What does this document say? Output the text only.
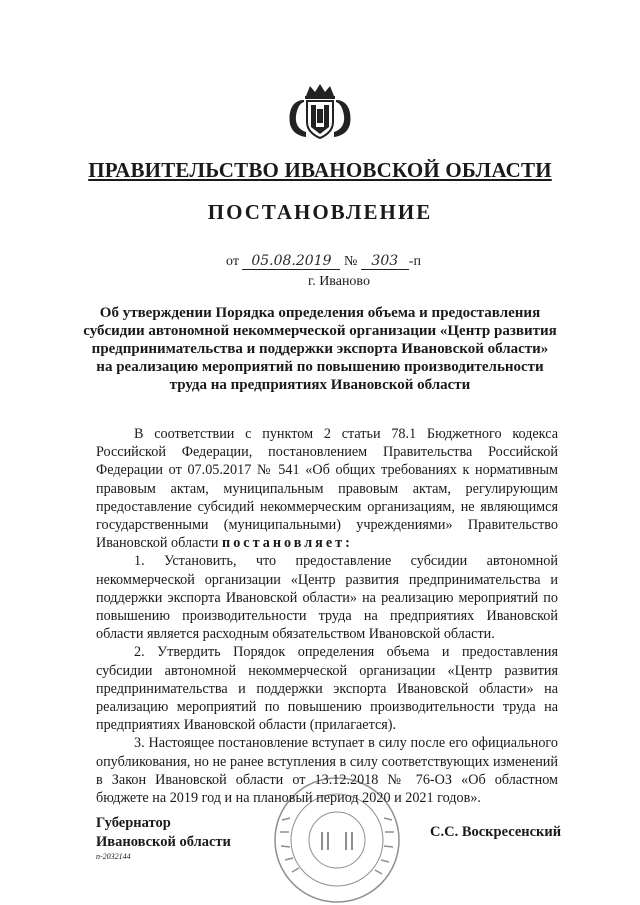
ПРАВИТЕЛЬСТВО ИВАНОВСКОЙ ОБЛАСТИ
ПОСТАНОВЛЕНИЕ
от 05.08.2019 № 303 -п
г. Иваново
Об утверждении Порядка определения объема и предоставления
субсидии автономной некоммерческой организации «Центр развития
предпринимательства и поддержки экспорта Ивановской области»
на реализацию мероприятий по повышению производительности
труда на предприятиях Ивановской области

В соответствии с пунктом 2 статьи 78.1 Бюджетного кодекса Российской Федерации, постановлением Правительства Российской Федерации от 07.05.2017 № 541 «Об общих требованиях к нормативным правовым актам, муниципальным правовым актам, регулирующим предоставление субсидий некоммерческим организациям, не являющимся государственными (муниципальными) учреждениями» Правительство Ивановской области постановляет:

1. Установить, что предоставление субсидии автономной некоммерческой организации «Центр развития предпринимательства и поддержки экспорта Ивановской области» на реализацию мероприятий по повышению производительности труда на предприятиях Ивановской области является расходным обязательством Ивановской области.

2. Утвердить Порядок определения объема и предоставления субсидии автономной некоммерческой организации «Центр развития предпринимательства и поддержки экспорта Ивановской области» на реализацию мероприятий по повышению производительности труда на предприятиях Ивановской области (прилагается).

3. Настоящее постановление вступает в силу после его официального опубликования, но не ранее вступления в силу соответствующих изменений в Закон Ивановской области от 13.12.2018 № 76-ОЗ «Об областном бюджете на 2019 год и на плановый период 2020 и 2021 годов».

Губернатор
Ивановской области
С.С. Воскресенский
п-2032144
